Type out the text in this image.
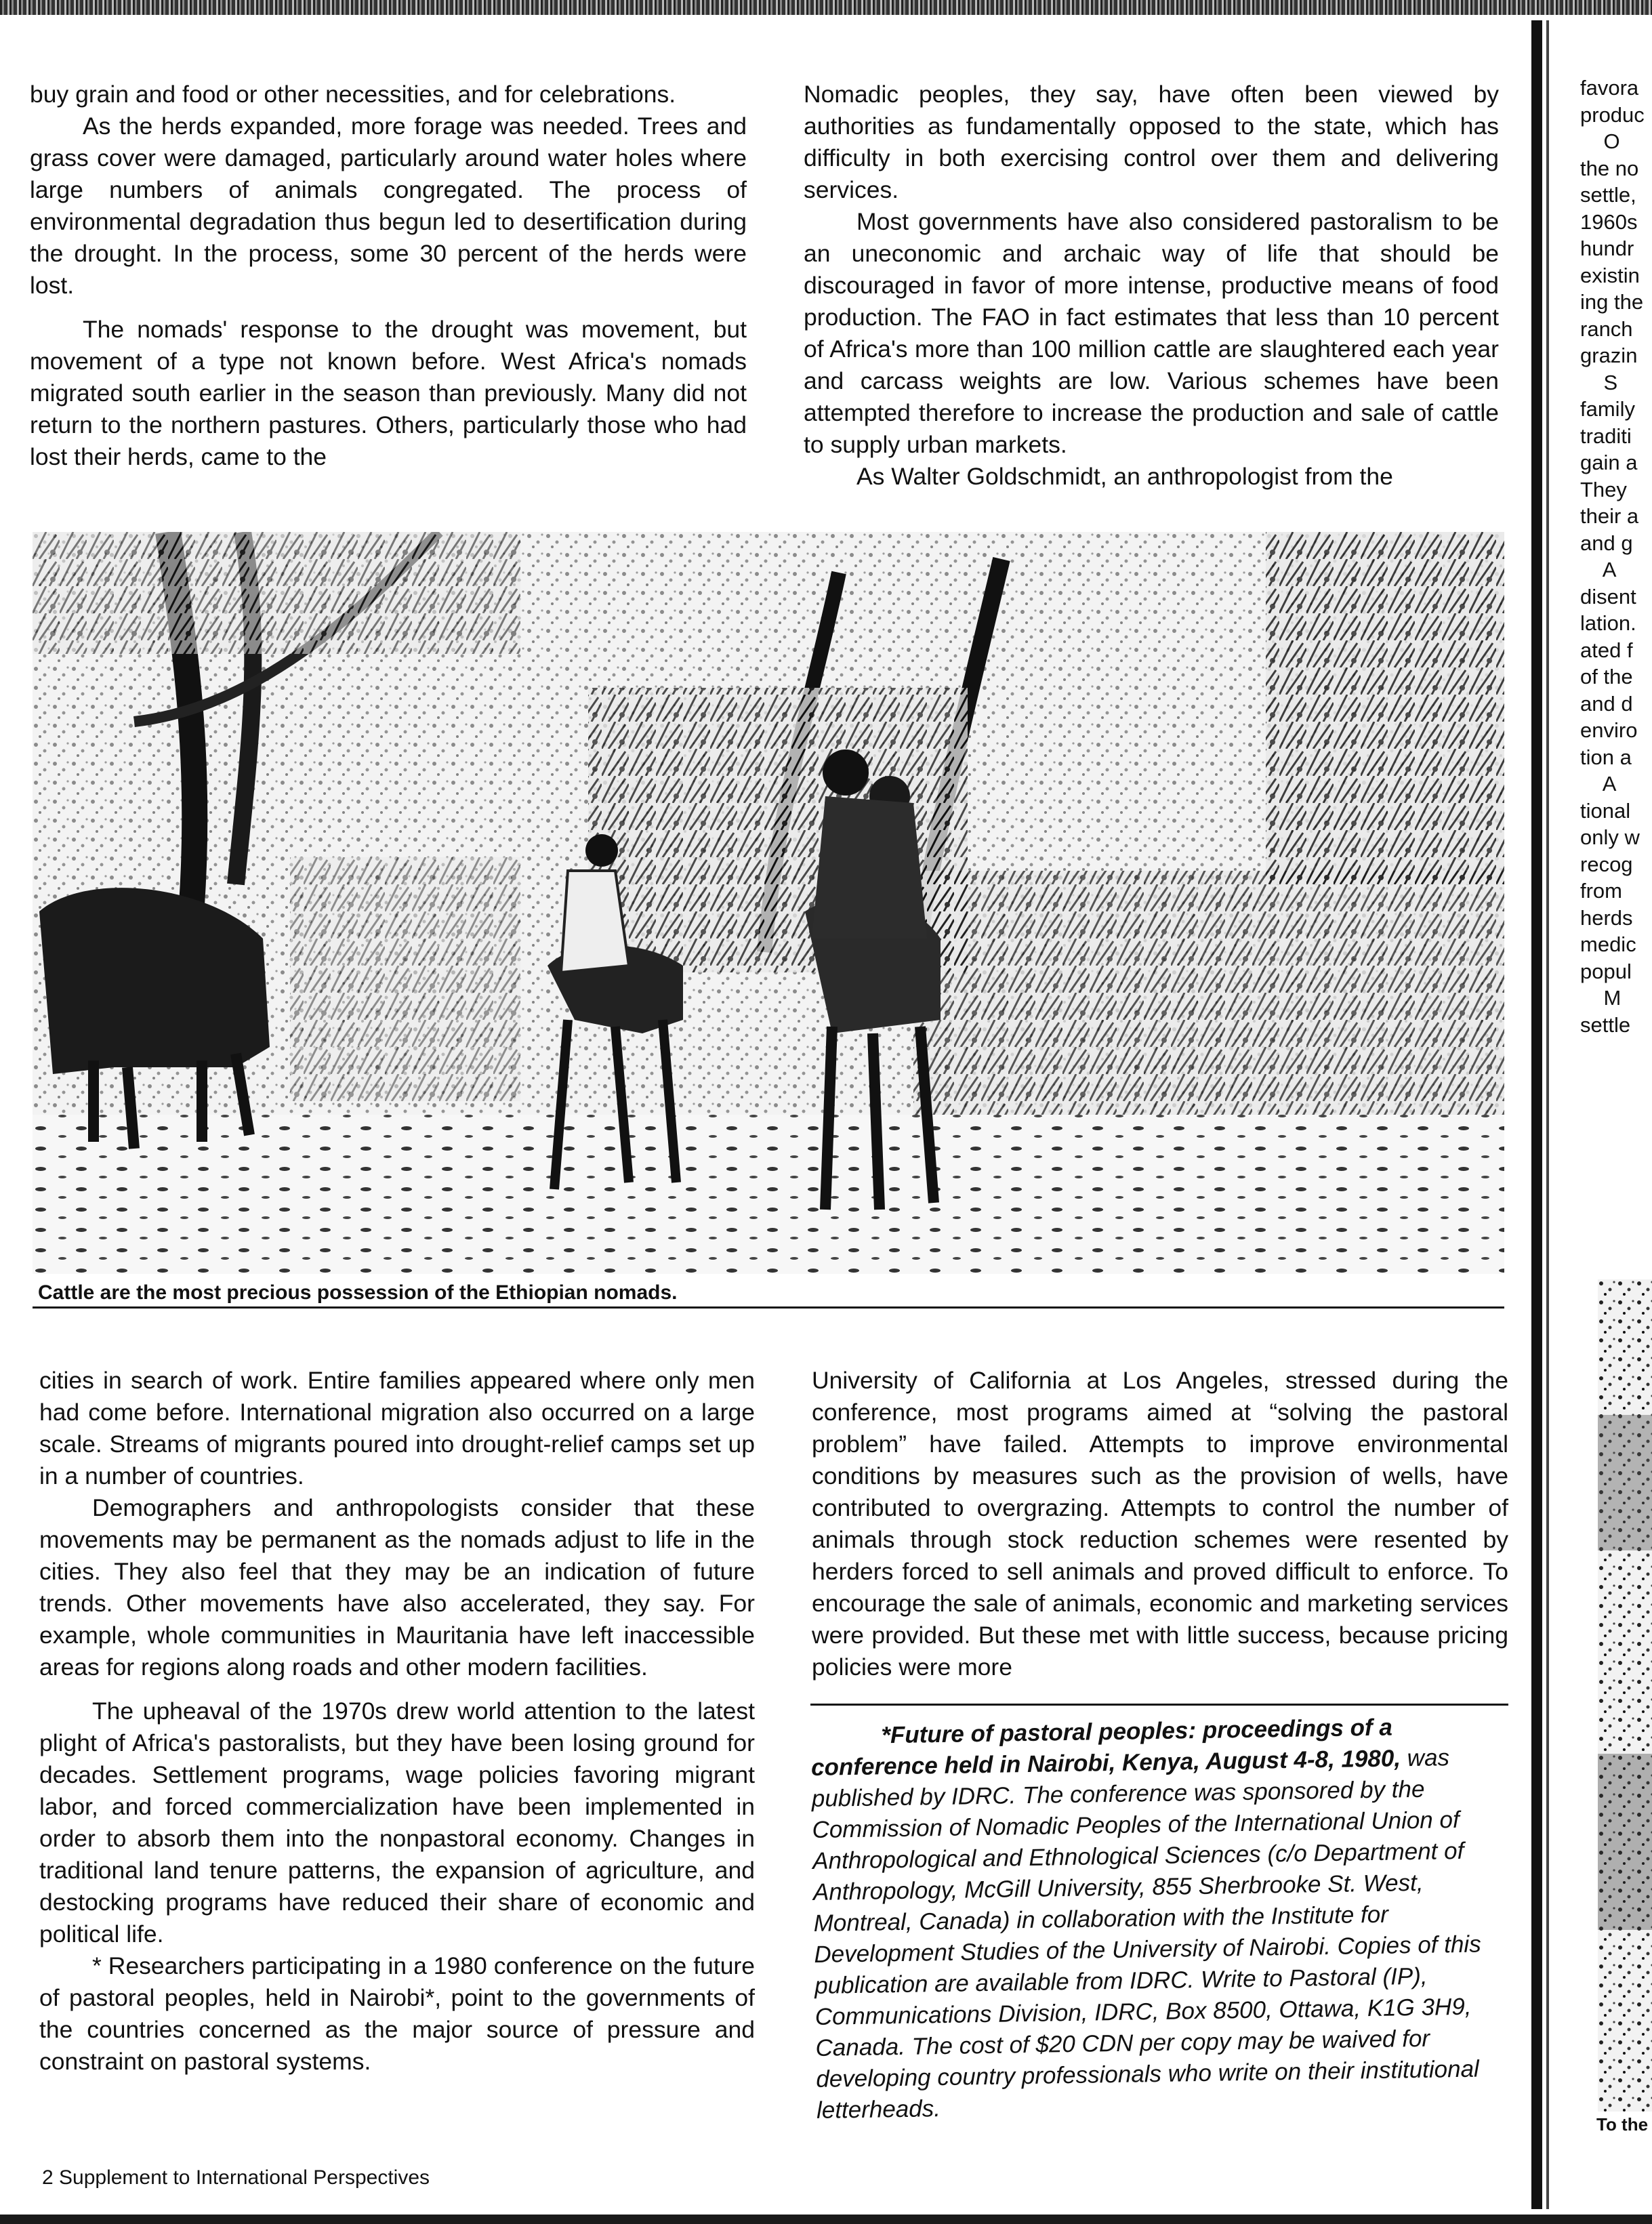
buy grain and food or other necessities, and for celebrations.

As the herds expanded, more forage was needed. Trees and grass cover were damaged, particularly around water holes where large numbers of animals congregated. The process of environmental degradation thus begun led to desertification during the drought. In the process, some 30 percent of the herds were lost.

The nomads' response to the drought was movement, but movement of a type not known before. West Africa's nomads migrated south earlier in the season than previously. Many did not return to the northern pastures. Others, particularly those who had lost their herds, came to the

Nomadic peoples, they say, have often been viewed by authorities as fundamentally opposed to the state, which has difficulty in both exercising control over them and delivering services.

Most governments have also considered pastoralism to be an uneconomic and archaic way of life that should be discouraged in favor of more intense, productive means of food production. The FAO in fact estimates that less than 10 percent of Africa's more than 100 million cattle are slaughtered each year and carcass weights are low. Various schemes have been attempted therefore to increase the production and sale of cattle to supply urban markets.

As Walter Goldschmidt, an anthropologist from the

Cattle are the most precious possession of the Ethiopian nomads.

cities in search of work. Entire families appeared where only men had come before. International migration also occurred on a large scale. Streams of migrants poured into drought-relief camps set up in a number of countries.

Demographers and anthropologists consider that these movements may be permanent as the nomads adjust to life in the cities. They also feel that they may be an indication of future trends. Other movements have also accelerated, they say. For example, whole communities in Mauritania have left inaccessible areas for regions along roads and other modern facilities.

The upheaval of the 1970s drew world attention to the latest plight of Africa's pastoralists, but they have been losing ground for decades. Settlement programs, wage policies favoring migrant labor, and forced commercialization have been implemented in order to absorb them into the nonpastoral economy. Changes in traditional land tenure patterns, the expansion of agriculture, and destocking programs have reduced their share of economic and political life.

* Researchers participating in a 1980 conference on the future of pastoral peoples, held in Nairobi*, point to the governments of the countries concerned as the major source of pressure and constraint on pastoral systems.

University of California at Los Angeles, stressed during the conference, most programs aimed at “solving the pastoral problem” have failed. Attempts to improve environmental conditions by measures such as the provision of wells, have contributed to overgrazing. Attempts to control the number of animals through stock reduction schemes were resented by herders forced to sell animals and proved difficult to enforce. To encourage the sale of animals, economic and marketing services were provided. But these met with little success, because pricing policies were more

*Future of pastoral peoples: proceedings of a conference held in Nairobi, Kenya, August 4-8, 1980, was published by IDRC. The conference was sponsored by the Commission of Nomadic Peoples of the International Union of Anthropological and Ethnological Sciences (c/o Department of Anthropology, McGill University, 855 Sherbrooke St. West, Montreal, Canada) in collaboration with the Institute for Development Studies of the University of Nairobi. Copies of this publication are available from IDRC. Write to Pastoral (IP), Communications Division, IDRC, Box 8500, Ottawa, K1G 3H9, Canada. The cost of $20 CDN per copy may be waived for developing country professionals who write on their institutional letterheads.

2 Supplement to International Perspectives
favora
produc
O
the no
settle,
1960s
hundr
existin
ing the
ranch
grazin
S
family
traditi
gain a
They
their a
and g
A
disent
lation.
ated f
of the
and d
enviro
tion a
A
tional
only w
recog
from
herds
medic
popul
M
settle
To the
